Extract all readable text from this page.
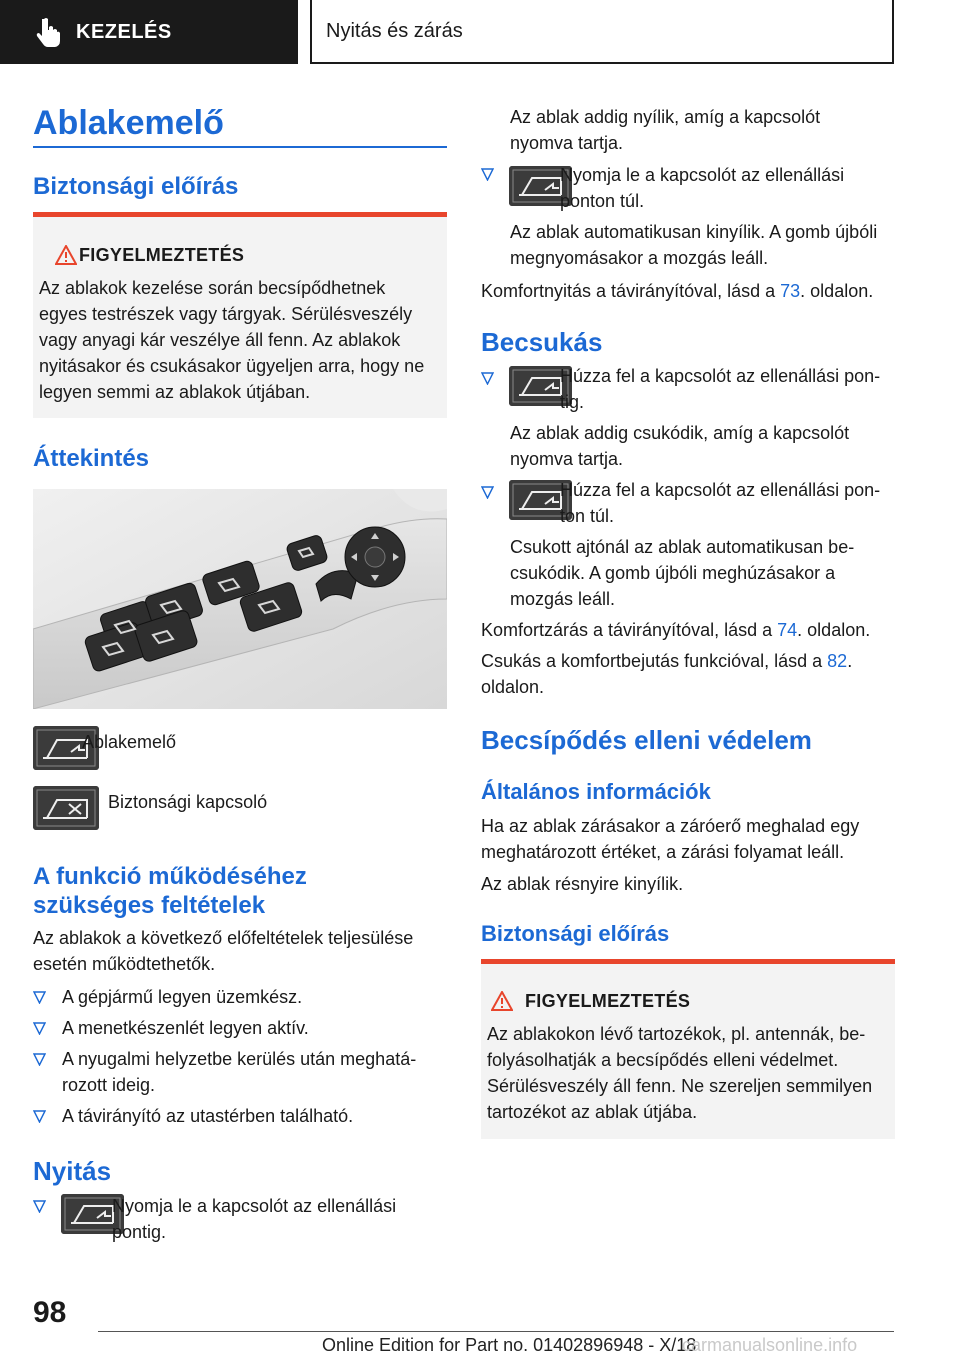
KEZELÉS	Nyitás és zárás
Ablakemelő
Biztonsági előírás
FIGYELMEZTETÉS
Az ablakok kezelése során becsípődhetnek
egyes testrészek vagy tárgyak. Sérülésveszély
vagy anyagi kár veszélye áll fenn. Az ablakok
nyitásakor és csukásakor ügyeljen arra, hogy ne
legyen semmi az ablakok útjában.
Áttekintés
Ablakemelő
Biztonsági kapcsoló
A funkció működéséhez
szükséges feltételek
Az ablakok a következő előfeltételek teljesülése
esetén működtethetők.
A gépjármű legyen üzemkész.
A menetkészenlét legyen aktív.
A nyugalmi helyzetbe kerülés után meghatá-
rozott ideig.
A távirányító az utastérben található.
Nyitás
Nyomja le a kapcsolót az ellenállási
pontig.
Az ablak addig nyílik, amíg a kapcsolót
nyomva tartja.
Nyomja le a kapcsolót az ellenállási
ponton túl.
Az ablak automatikusan kinyílik. A gomb újbóli
megnyomásakor a mozgás leáll.
Komfortnyitás a távirányítóval, lásd a 73. oldalon.
Becsukás
Húzza fel a kapcsolót az ellenállási pon-
tig.
Az ablak addig csukódik, amíg a kapcsolót
nyomva tartja.
Húzza fel a kapcsolót az ellenállási pon-
ton túl.
Csukott ajtónál az ablak automatikusan be-
csukódik. A gomb újbóli meghúzásakor a
mozgás leáll.
Komfortzárás a távirányítóval, lásd a 74. oldalon.
Csukás a komfortbejutás funkcióval, lásd a 82.
oldalon.
Becsípődés elleni védelem
Általános információk
Ha az ablak zárásakor a záróerő meghalad egy
meghatározott értéket, a zárási folyamat leáll.
Az ablak résnyire kinyílik.
Biztonsági előírás
FIGYELMEZTETÉS
Az ablakokon lévő tartozékok, pl. antennák, be-
folyásolhatják a becsípődés elleni védelmet.
Sérülésveszély áll fenn. Ne szereljen semmilyen
tartozékot az ablak útjába.
98
Online Edition for Part no. 01402896948 - X/18
carmanualsonline.info
